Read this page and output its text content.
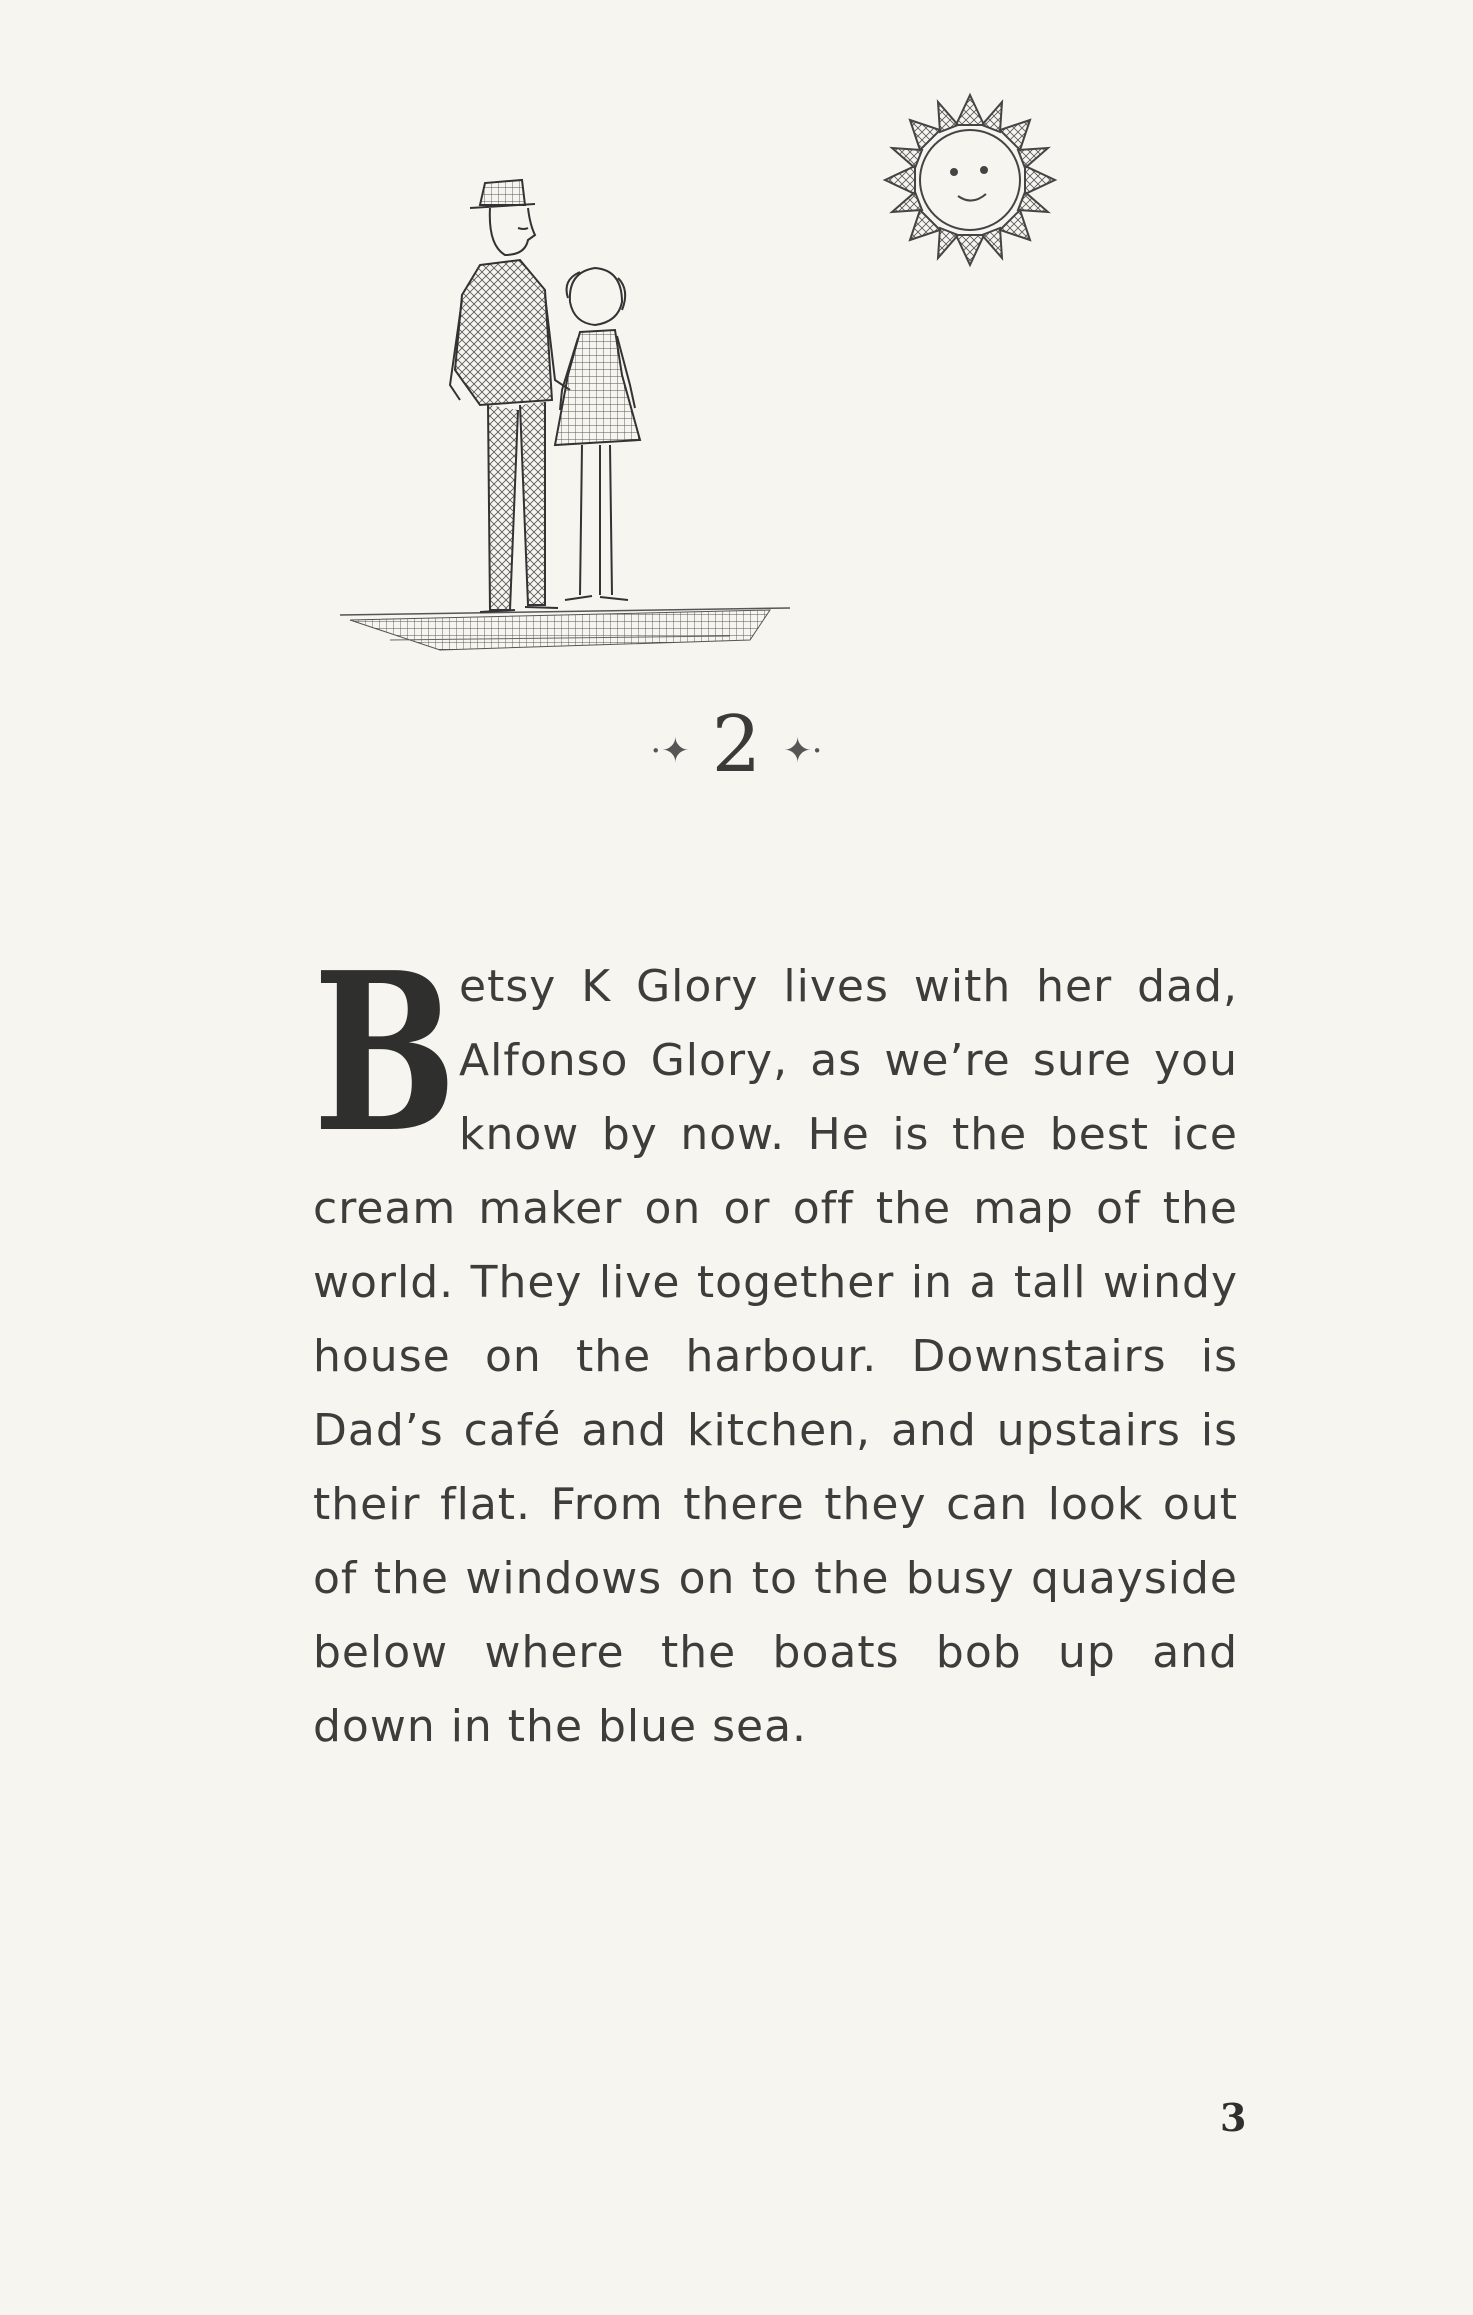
·✦ 2 ✦·
Betsy K Glory lives with her dad, Alfonso Glory, as we’re sure you know by now. He is the best ice cream maker on or off the map of the world. They live together in a tall windy house on the harbour. Downstairs is Dad’s café and kitchen, and upstairs is their flat. From there they can look out of the windows on to the busy quayside below where the boats bob up and down in the blue sea.
3
